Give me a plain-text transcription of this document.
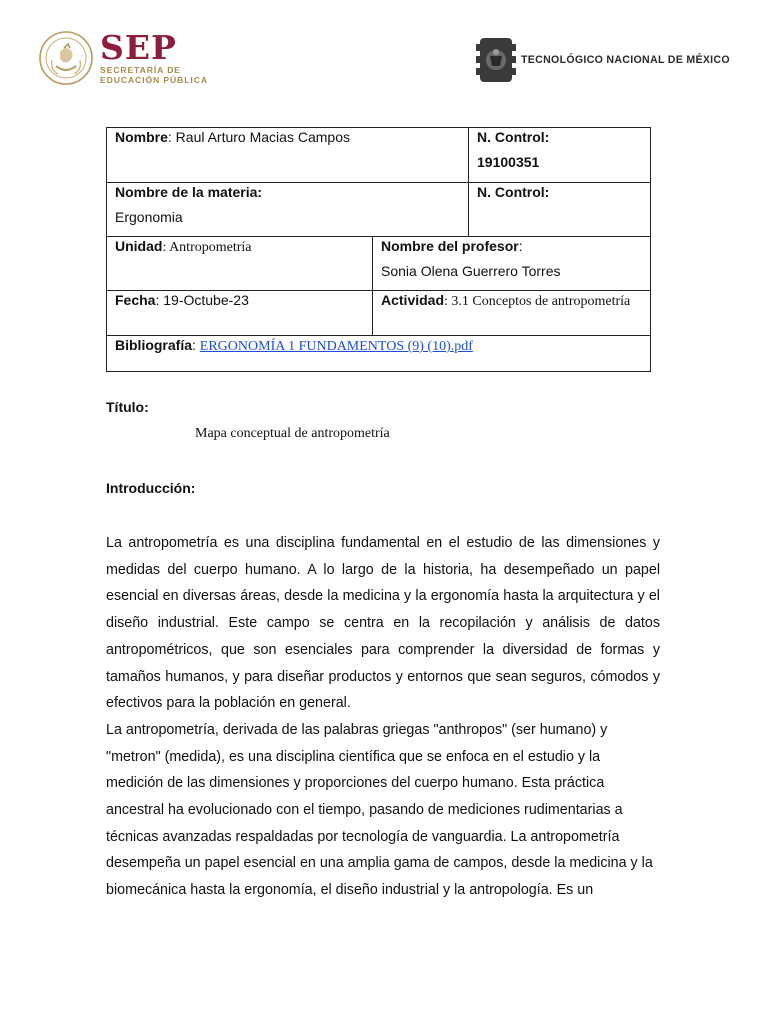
SEP
SECRETARÍA DE
EDUCACIÓN PÚBLICA
TECNOLÓGICO NACIONAL DE MÉXICO
Nombre: Raul Arturo Macias Campos		N. Control:
19100351

Nombre de la materia:
Ergonomia		N. Control:

Unidad: Antropometría	Nombre del profesor:
Sonia Olena Guerrero Torres	

Fecha: 19-Octube-23	Actividad: 3.1 Conceptos de antropometría	

Bibliografía: ERGONOMÍA 1 FUNDAMENTOS (9) (10).pdf		
Título:
Mapa conceptual de antropometría
Introducción:

La antropometría es una disciplina fundamental en el estudio de las dimensiones y medidas del cuerpo humano. A lo largo de la historia, ha desempeñado un papel esencial en diversas áreas, desde la medicina y la ergonomía hasta la arquitectura y el diseño industrial. Este campo se centra en la recopilación y análisis de datos antropométricos, que son esenciales para comprender la diversidad de formas y tamaños humanos, y para diseñar productos y entornos que sean seguros, cómodos y efectivos para la población en general.

La antropometría, derivada de las palabras griegas "anthropos" (ser humano) y "metron" (medida), es una disciplina científica que se enfoca en el estudio y la medición de las dimensiones y proporciones del cuerpo humano. Esta práctica ancestral ha evolucionado con el tiempo, pasando de mediciones rudimentarias a técnicas avanzadas respaldadas por tecnología de vanguardia. La antropometría desempeña un papel esencial en una amplia gama de campos, desde la medicina y la biomecánica hasta la ergonomía, el diseño industrial y la antropología. Es un
